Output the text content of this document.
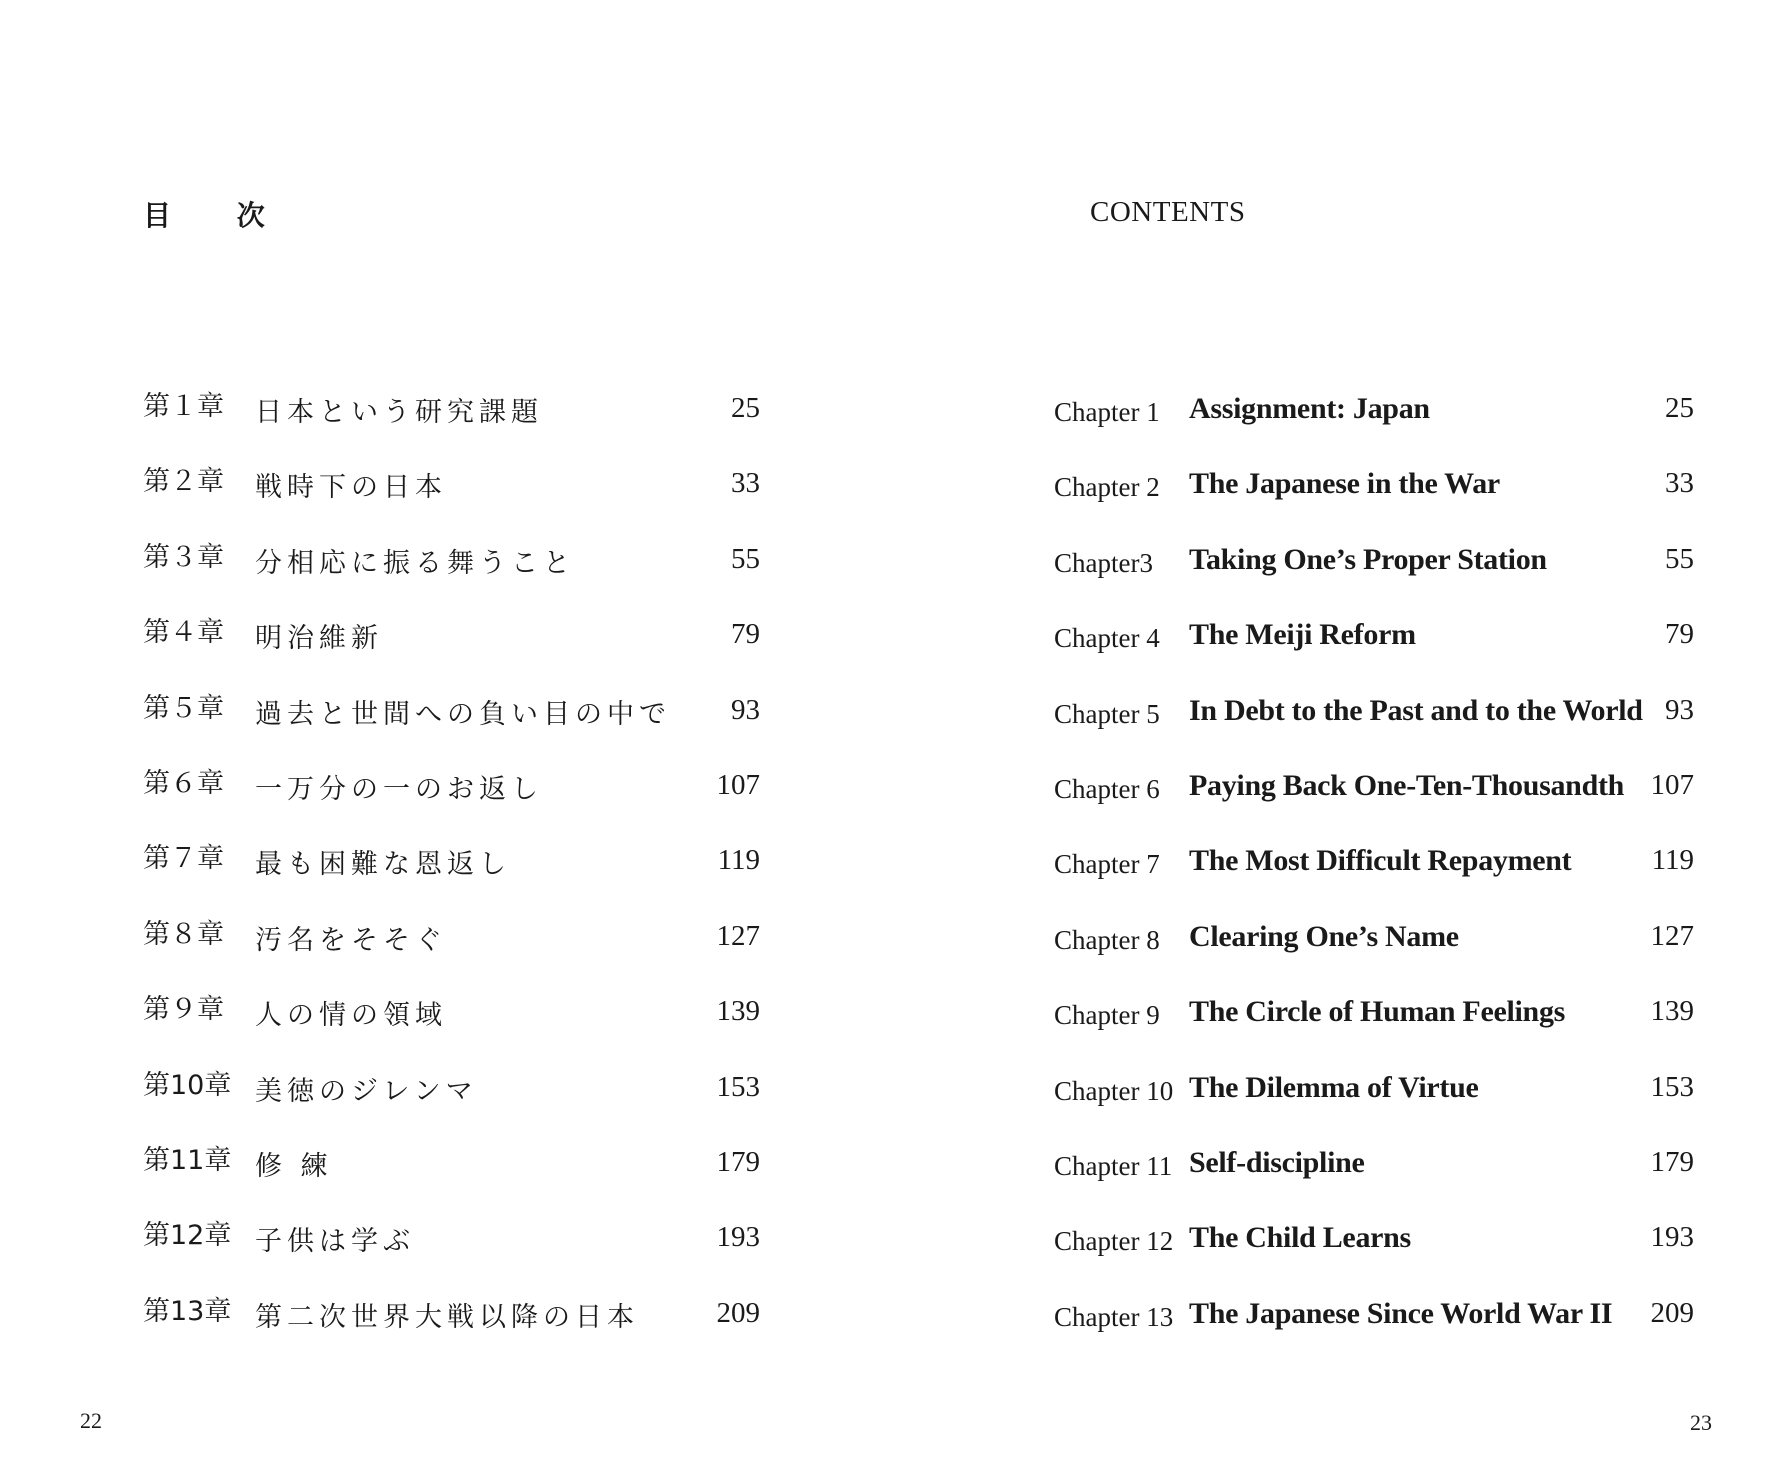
目 次	CONTENTS
第１章 日本という研究課題	25
第２章 戦時下の日本	33
第３章 分相応に振る舞うこと	55
第４章 明治維新	79
第５章 過去と世間への負い目の中で 93
第６章 一万分の一のお返し	107
第７章 最も困難な恩返し	119
第８章 汚名をそそぐ	127
第９章 人の情の領域	139
第10章 美徳のジレンマ	153
第11章 修 練	179
第12章 子供は学ぶ	193
第13章 第二次世界大戦以降の日本	209
Chapter 1 Assignment: Japan	25
Chapter 2 The Japanese in the War	33
Chapter3 Taking One’s Proper Station	55
Chapter 4 The Meiji Reform	79
Chapter 5 In Debt to the Past and to the World 93
Chapter 6 Paying Back One-Ten-Thousandth 107
Chapter 7 The Most Difficult Repayment	119
Chapter 8 Clearing One’s Name	127
Chapter 9 The Circle of Human Feelings	139
Chapter 10 The Dilemma of Virtue	153
Chapter 11 Self-discipline	179
Chapter 12 The Child Learns	193
Chapter 13 The Japanese Since World War II 209
22	23
